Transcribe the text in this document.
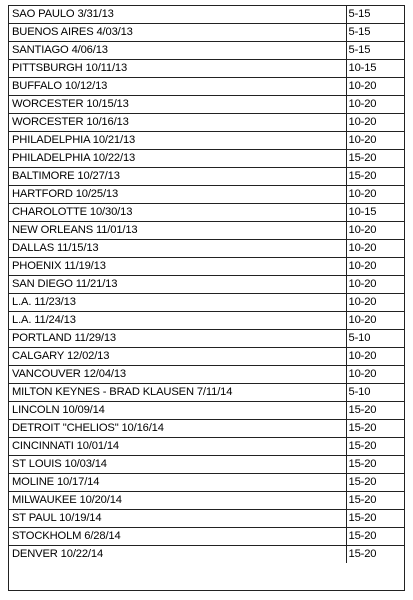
SAO PAULO 3/31/13	5-15
BUENOS AIRES 4/03/13	5-15
SANTIAGO 4/06/13	5-15
PITTSBURGH 10/11/13	10-15
BUFFALO 10/12/13	10-20
WORCESTER 10/15/13	10-20
WORCESTER 10/16/13	10-20
PHILADELPHIA 10/21/13	10-20
PHILADELPHIA 10/22/13	15-20
BALTIMORE 10/27/13	15-20
HARTFORD 10/25/13	10-20
CHAROLOTTE 10/30/13	10-15
NEW ORLEANS 11/01/13	10-20
DALLAS 11/15/13	10-20
PHOENIX 11/19/13	10-20
SAN DIEGO 11/21/13	10-20
L.A. 11/23/13	10-20
L.A. 11/24/13	10-20
PORTLAND 11/29/13	5-10
CALGARY 12/02/13	10-20
VANCOUVER 12/04/13	10-20
MILTON KEYNES - BRAD KLAUSEN 7/11/14	5-10
LINCOLN 10/09/14	15-20
DETROIT "CHELIOS" 10/16/14	15-20
CINCINNATI 10/01/14	15-20
ST LOUIS 10/03/14	15-20
MOLINE 10/17/14	15-20
MILWAUKEE 10/20/14	15-20
ST PAUL 10/19/14	15-20
STOCKHOLM 6/28/14	15-20
DENVER 10/22/14	15-20
